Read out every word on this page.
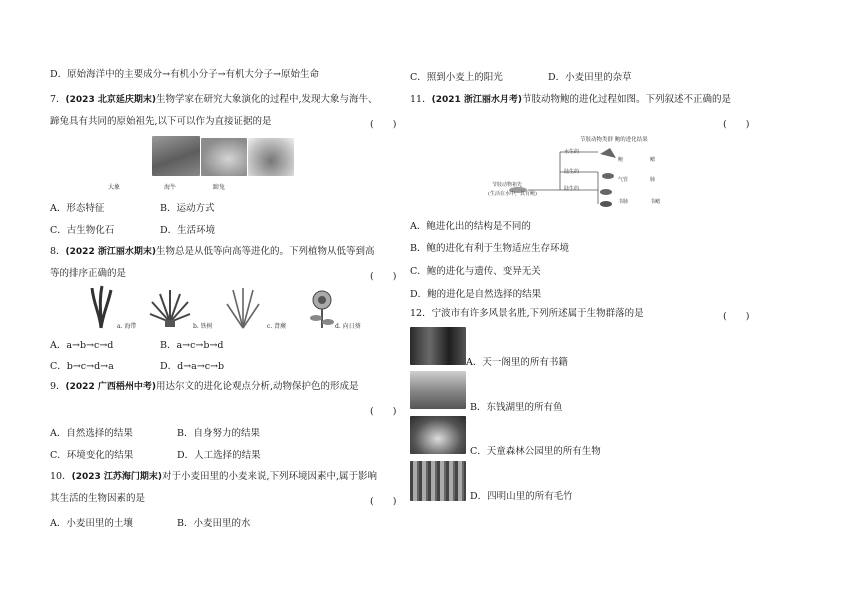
D．原始海洋中的主要成分→有机小分子→有机大分子→原始生命
7．(2023 北京延庆期末)生物学家在研究大象演化的过程中,发现大象与海牛、
蹄兔具有共同的原始祖先,以下可以作为直接证据的是	(　　)
大象	海牛	蹄兔
A．形态特征	B．运动方式
C．古生物化石	D．生活环境
8．(2022 浙江丽水期末)生物总是从低等向高等进化的。下列植物从低等到高
等的排序正确的是	(　　)
a. 海带	b. 铁树	c. 肾蕨	d. 向日葵
A．a→b→c→d	B．a→c→b→d
C．b→c→d→a	D．d→a→c→b
9．(2022 广西梧州中考)用达尔文的进化论观点分析,动物保护色的形成是
(　　)
A．自然选择的结果	B．自身努力的结果
C．环境变化的结果	D．人工选择的结果
10．(2023 江苏海门期末)对于小麦田里的小麦来说,下列环境因素中,属于影响
其生活的生物因素的是	(　　)
A．小麦田里的土壤	B．小麦田里的水
C．照到小麦上的阳光	D．小麦田里的杂草
11．(2021 浙江丽水月考)节肢动物鲍的进化过程如图。下列叙述不正确的是
(　　)
节肢动物类群 鲍的进化结果
水生的
陆生的
陆生的
节肢动物祖先
(生活在水中，具有鲍)
鲍	鳃
气管	肺
书肺	书鳃
A．鲍进化出的结构是不同的
B．鲍的进化有利于生物适应生存环境
C．鲍的进化与遗传、变异无关
D．鲍的进化是自然选择的结果
12．宁波市有许多风景名胜,下列所述属于生物群落的是	(　　)
A．天一阁里的所有书籍
B．东钱湖里的所有鱼
C．天童森林公园里的所有生物
D．四明山里的所有毛竹
